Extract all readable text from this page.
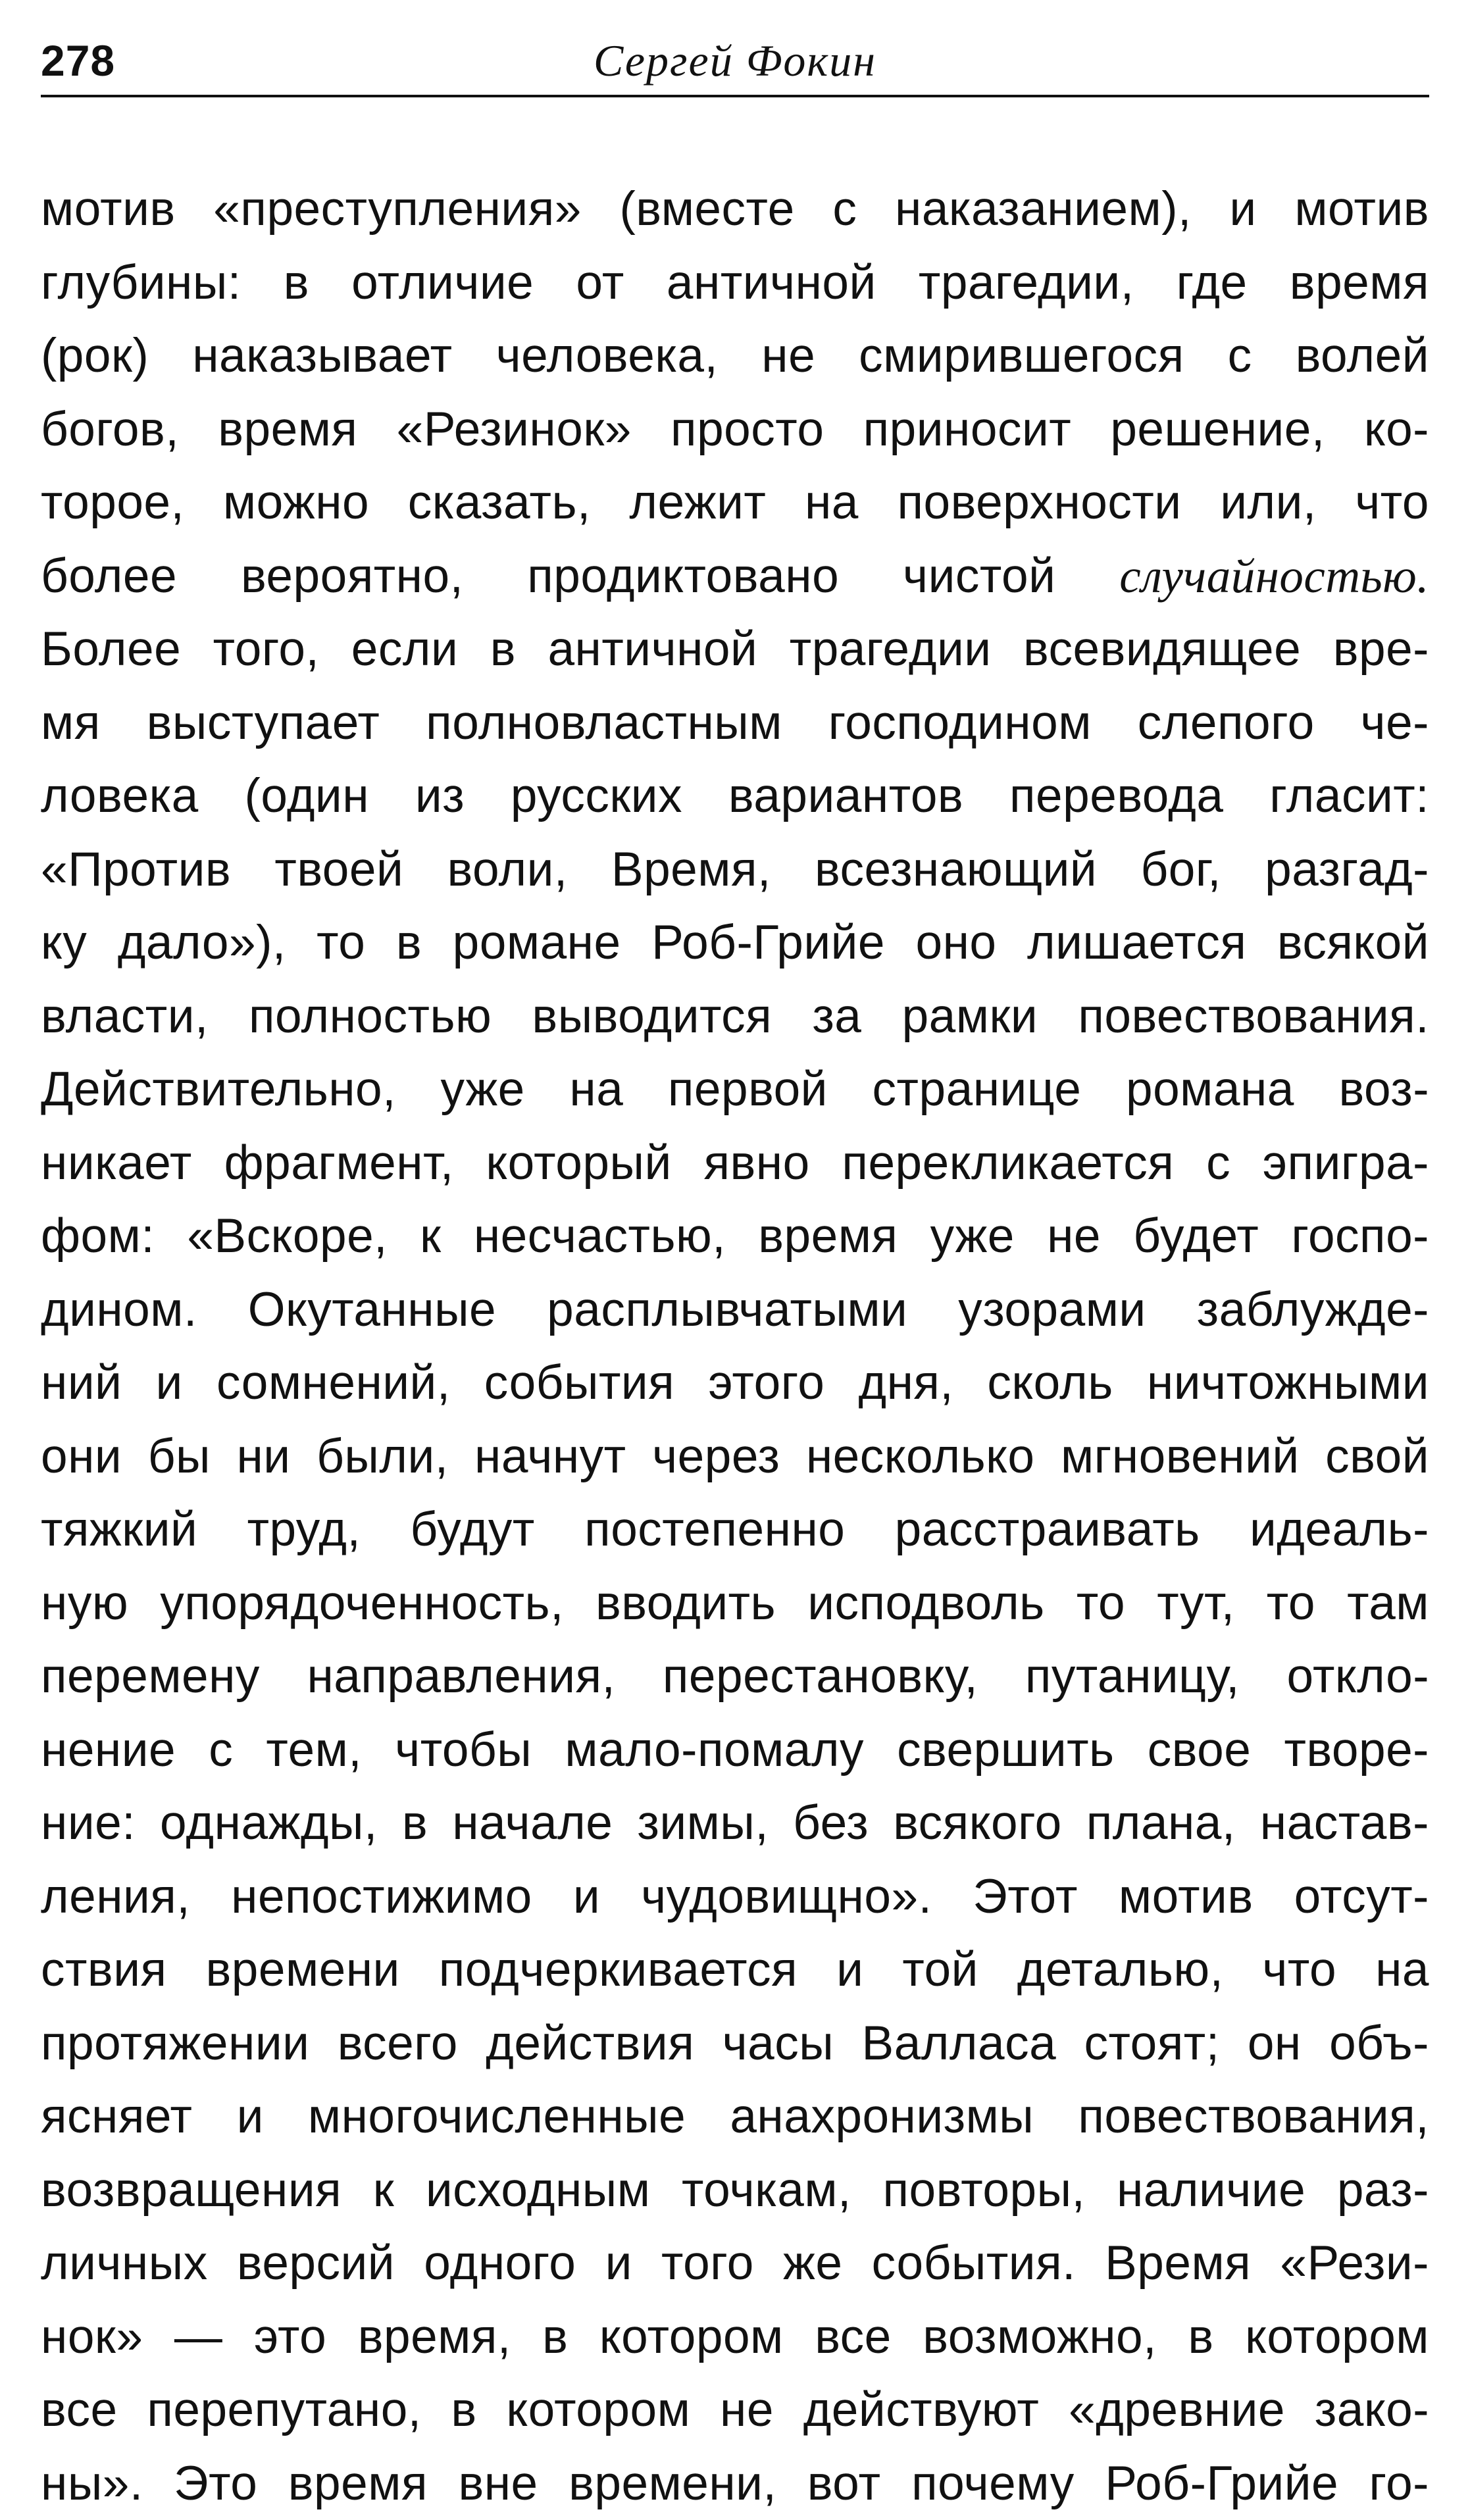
278	Сергей Фокин
мотив «преступления» (вместе с наказанием), и мотив
глубины: в отличие от античной трагедии, где время
(рок) наказывает человека, не смирившегося с волей
богов, время «Резинок» просто приносит решение, ко-
торое, можно сказать, лежит на поверхности или, что
более вероятно, продиктовано чистой случайностью.
Более того, если в античной трагедии всевидящее вре-
мя выступает полновластным господином слепого че-
ловека (один из русских вариантов перевода гласит:
«Против твоей воли, Время, всезнающий бог, разгад-
ку дало»), то в романе Роб-Грийе оно лишается всякой
власти, полностью выводится за рамки повествования.
Действительно, уже на первой странице романа воз-
никает фрагмент, который явно перекликается с эпигра-
фом: «Вскоре, к несчастью, время уже не будет госпо-
дином. Окутанные расплывчатыми узорами заблужде-
ний и сомнений, события этого дня, сколь ничтожными
они бы ни были, начнут через несколько мгновений свой
тяжкий труд, будут постепенно расстраивать идеаль-
ную упорядоченность, вводить исподволь то тут, то там
перемену направления, перестановку, путаницу, откло-
нение с тем, чтобы мало-помалу свершить свое творе-
ние: однажды, в начале зимы, без всякого плана, настав-
ления, непостижимо и чудовищно». Этот мотив отсут-
ствия времени подчеркивается и той деталью, что на
протяжении всего действия часы Валласа стоят; он объ-
ясняет и многочисленные анахронизмы повествования,
возвращения к исходным точкам, повторы, наличие раз-
личных версий одного и того же события. Время «Рези-
нок» — это время, в котором все возможно, в котором
все перепутано, в котором не действуют «древние зако-
ны». Это время вне времени, вот почему Роб-Грийе го-
